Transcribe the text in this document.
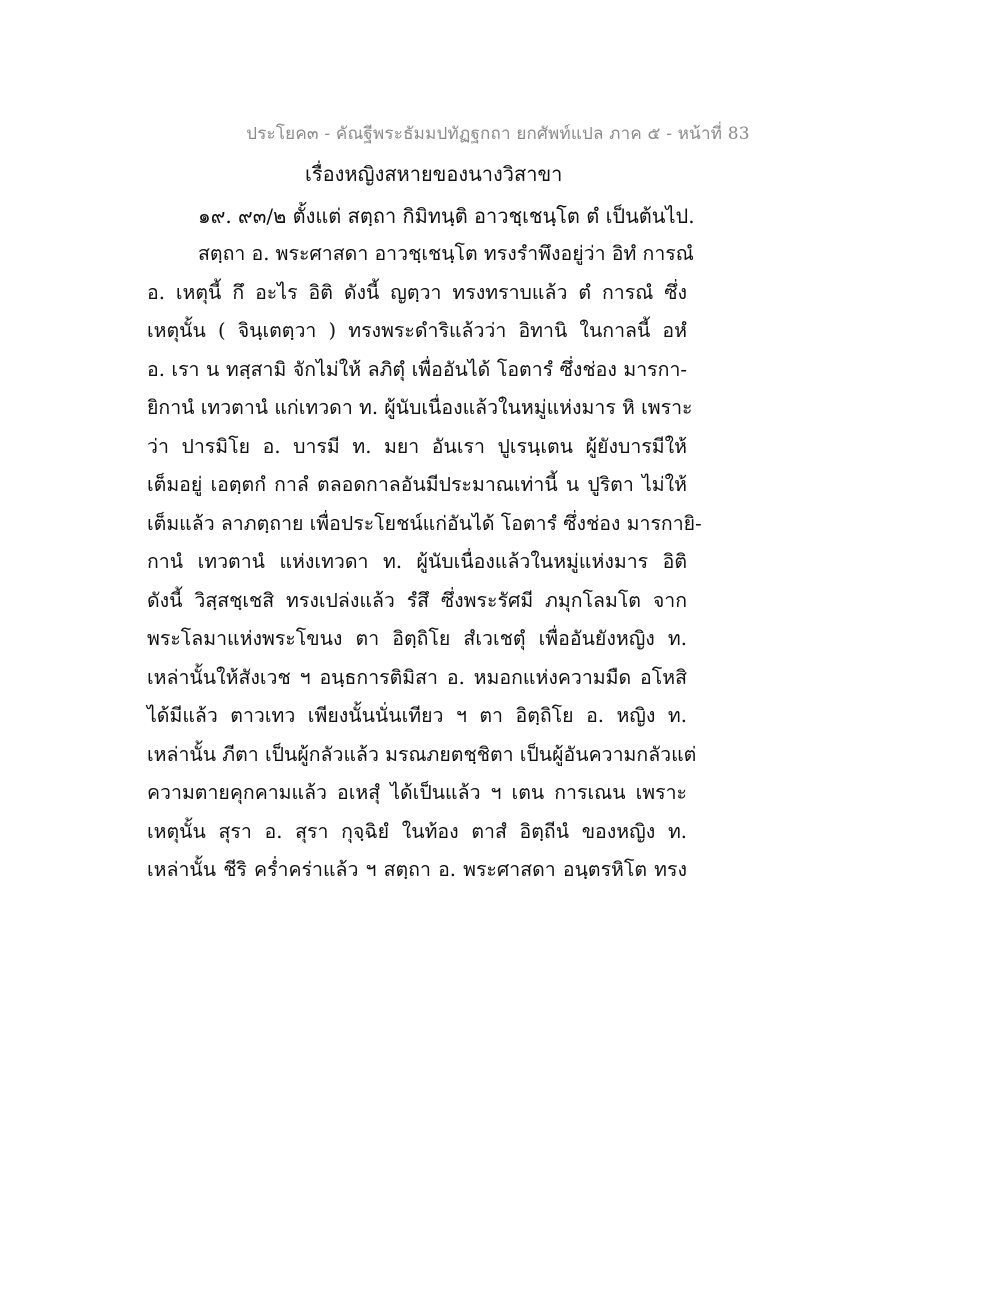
ประโยค๓ - คัณฐีพระธัมมปทัฏฐกถา ยกศัพท์แปล ภาค ๕ - หน้าที่ 83
เรื่องหญิงสหายของนางวิสาขา
๑๙. ๙๓/๒ ตั้งแต่ สตฺถา กิมิทนฺติ อาวชฺเชนฺโต ตํ เป็นต้นไป.
สตฺถา อ. พระศาสดา อาวชฺเชนฺโต ทรงรำพึงอยู่ว่า อิทํ การณํ
อ. เหตุนี้ กึ อะไร อิติ ดังนี้ ญตฺวา ทรงทราบแล้ว ตํ การณํ ซึ่ง
เหตุนั้น ( จินฺเตตฺวา ) ทรงพระดำริแล้วว่า อิทานิ ในกาลนี้ อหํ
อ. เรา น ทสฺสามิ จักไม่ให้ ลภิตุํ เพื่ออันได้ โอตารํ ซึ่งช่อง มารกา-
ยิกานํ เทวตานํ แก่เทวดา ท. ผู้นับเนื่องแล้วในหมู่แห่งมาร หิ เพราะ
ว่า ปารมิโย อ. บารมี ท. มยา อันเรา ปูเรนฺเตน ผู้ยังบารมีให้
เต็มอยู่ เอตฺตกํ กาลํ ตลอดกาลอันมีประมาณเท่านี้ น ปูริตา ไม่ให้
เต็มแล้ว ลาภตฺถาย เพื่อประโยชน์แก่อันได้ โอตารํ ซึ่งช่อง มารกายิ-
กานํ เทวตานํ แห่งเทวดา ท. ผู้นับเนื่องแล้วในหมู่แห่งมาร อิติ
ดังนี้ วิสฺสชฺเชสิ ทรงเปล่งแล้ว รํสึ ซึ่งพระรัศมี ภมุกโลมโต จาก
พระโลมาแห่งพระโขนง ตา อิตฺถิโย สํเวเชตุํ เพื่ออันยังหญิง ท.
เหล่านั้นให้สังเวช ฯ อนฺธการติมิสา อ. หมอกแห่งความมืด อโหสิ
ได้มีแล้ว ตาวเทว เพียงนั้นนั่นเทียว ฯ ตา อิตฺถิโย อ. หญิง ท.
เหล่านั้น ภีตา เป็นผู้กลัวแล้ว มรณภยตชฺชิตา เป็นผู้อันความกลัวแต่
ความตายคุกคามแล้ว อเหสุํ ได้เป็นแล้ว ฯ เตน การเณน เพราะ
เหตุนั้น สุรา อ. สุรา กุจฺฉิยํ ในท้อง ตาสํ อิตฺถีนํ ของหญิง ท.
เหล่านั้น ชีริ คร่ำคร่าแล้ว ฯ สตฺถา อ. พระศาสดา อนฺตรหิโต ทรง
